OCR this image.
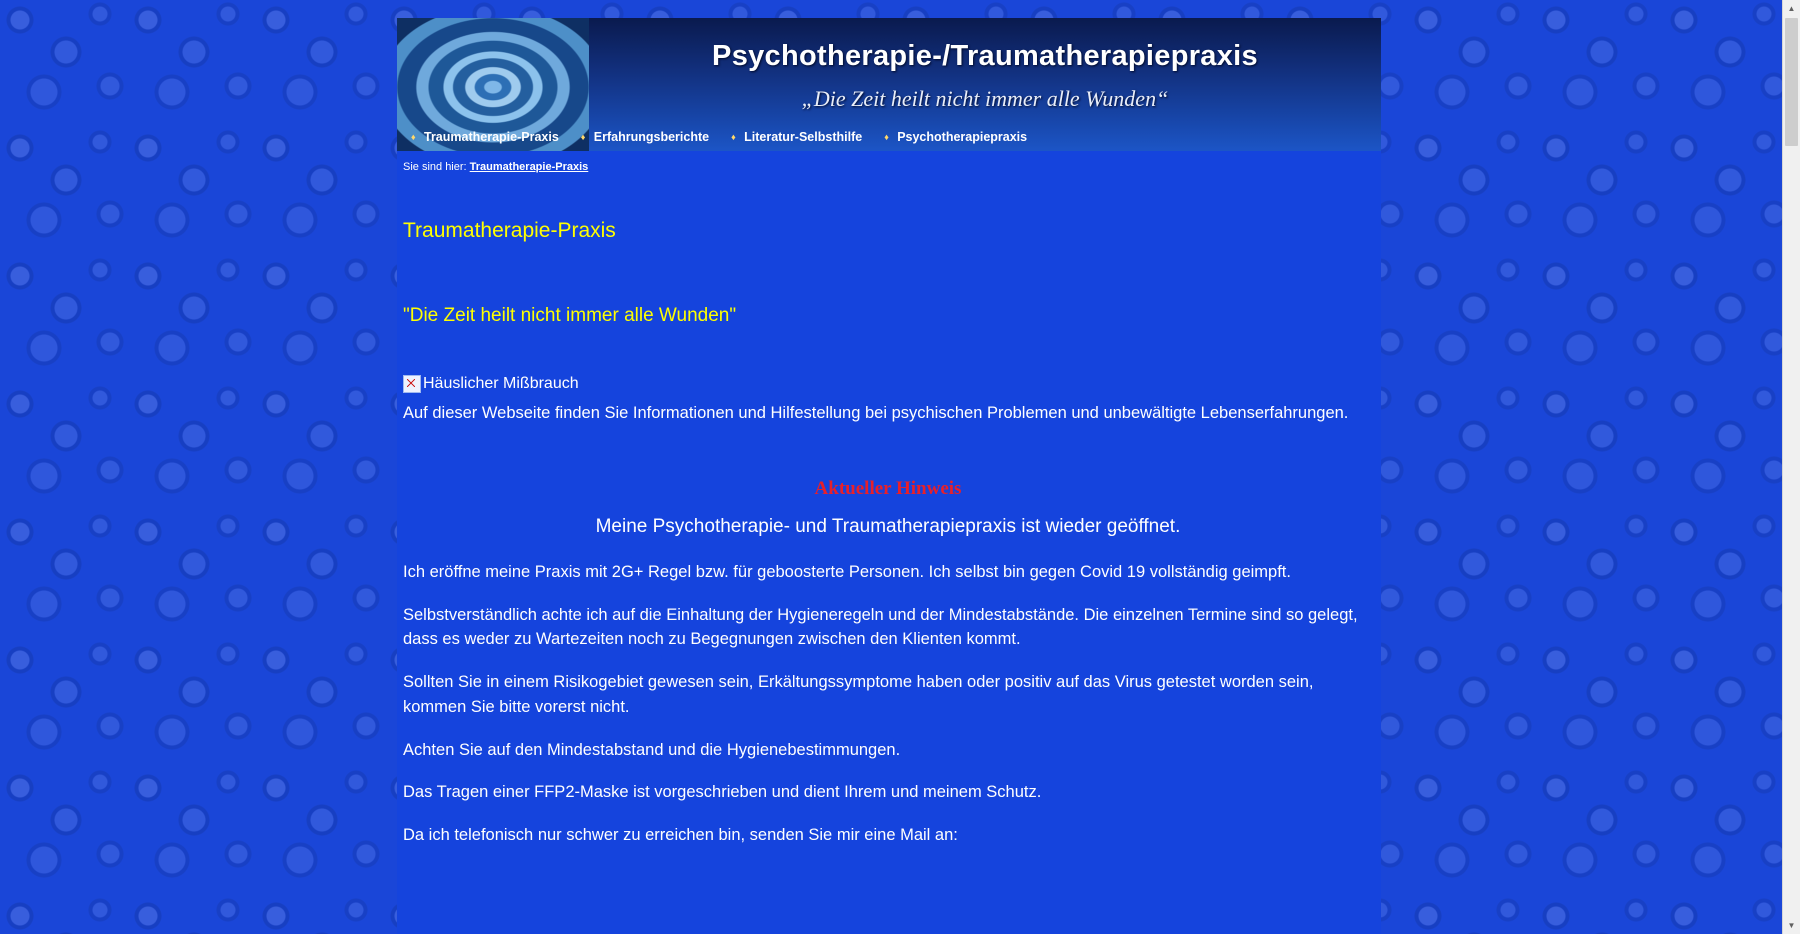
Psychotherapie-/Traumatherapiepraxis
„Die Zeit heilt nicht immer alle Wunden“
♦ Traumatherapie-Praxis ♦ Erfahrungsberichte ♦ Literatur-Selbsthilfe ♦ Psychotherapiepraxis
Sie sind hier: Traumatherapie-Praxis
Traumatherapie-Praxis
"Die Zeit heilt nicht immer alle Wunden"
Häuslicher Mißbrauch

Auf dieser Webseite finden Sie Informationen und Hilfestellung bei psychischen Problemen und unbewältigte Lebenserfahrungen.

Aktueller Hinweis

Meine Psychotherapie- und Traumatherapiepraxis ist wieder geöffnet.

Ich eröffne meine Praxis mit 2G+ Regel bzw. für geboosterte Personen. Ich selbst bin gegen Covid 19 vollständig geimpft.

Selbstverständlich achte ich auf die Einhaltung der Hygieneregeln und der Mindestabstände. Die einzelnen Termine sind so gelegt, dass es weder zu Wartezeiten noch zu Begegnungen zwischen den Klienten kommt.

Sollten Sie in einem Risikogebiet gewesen sein, Erkältungssymptome haben oder positiv auf das Virus getestet worden sein, kommen Sie bitte vorerst nicht.

Achten Sie auf den Mindestabstand und die Hygienebestimmungen.

Das Tragen einer FFP2-Maske ist vorgeschrieben und dient Ihrem und meinem Schutz.

Da ich telefonisch nur schwer zu erreichen bin, senden Sie mir eine Mail an:

▲
▼
